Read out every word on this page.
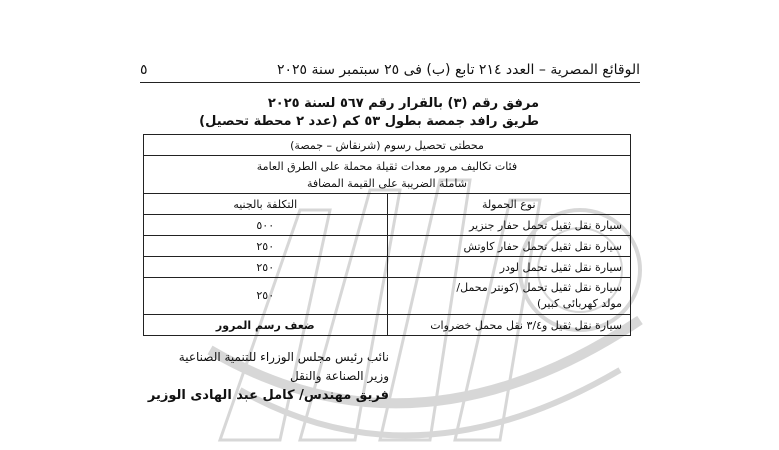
الوقائع المصرية – العدد ٢١٤ تابع (ب) فى ٢٥ سبتمبر سنة ٢٠٢٥
٥
مرفق رقم (٣) بالقرار رقم ٥٦٧ لسنة ٢٠٢٥
طريق رافد جمصة بطول ٥٣ كم (عدد ٢ محطة تحصيل)
محطتى تحصيل رسوم (شرنقاش – جمصة)	

فئات تكاليف مرور معدات ثقيلة محملة على الطرق العامة
شاملة الضريبة على القيمة المضافة	

نوع الحمولة	التكلفة بالجنيه
سيارة نقل ثقيل تحمل حفار جنزير	٥٠٠
سيارة نقل ثقيل تحمل حفار كاوتش	٢٥٠
سيارة نقل ثقيل تحمل لودر	٢٥٠

سيارة نقل ثقيل تحمل (كونتر محمل/
مولد كهربائى كبير)	٢٥٠
سيارة نقل ثقيل و٣/٤ نقل محمل خضروات	ضعف رسم المرور
نائب رئيس مجلس الوزراء للتنمية الصناعية
وزير الصناعة والنقل
فريق مهندس/ كامل عبد الهادى الوزير
